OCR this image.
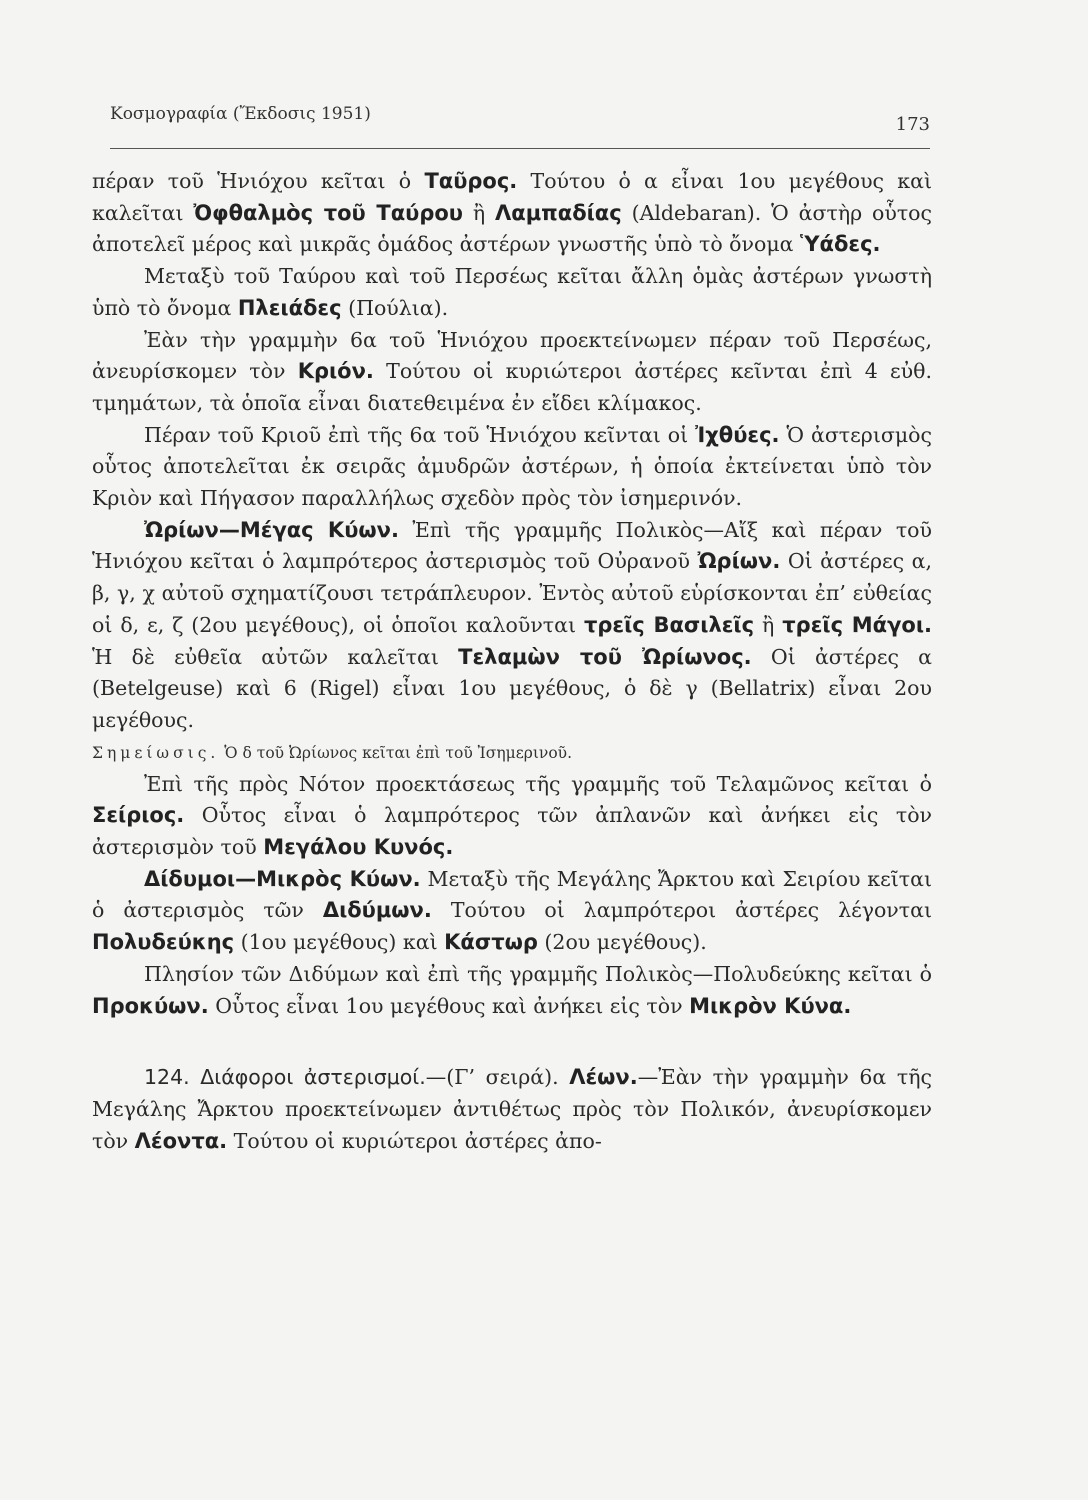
Κοσμογραφία (Ἔκδοσις 1951)	173

πέραν τοῦ Ἡνιόχου κεῖται ὁ Ταῦρος. Τούτου ὁ α εἶναι 1ου μεγέθους καὶ καλεῖται Ὀφθαλμὸς τοῦ Ταύρου ἢ Λαμπαδίας (Aldebaran). Ὁ ἀστὴρ οὗτος ἀποτελεῖ μέρος καὶ μικρᾶς ὁμάδος ἀστέρων γνωστῆς ὑπὸ τὸ ὄνομα Ὑάδες.

Μεταξὺ τοῦ Ταύρου καὶ τοῦ Περσέως κεῖται ἄλλη ὁμὰς ἀστέρων γνωστὴ ὑπὸ τὸ ὄνομα Πλειάδες (Πούλια).

Ἐὰν τὴν γραμμὴν 6α τοῦ Ἡνιόχου προεκτείνωμεν πέραν τοῦ Περσέως, ἀνευρίσκομεν τὸν Κριόν. Τούτου οἱ κυριώτεροι ἀστέρες κεῖνται ἐπὶ 4 εὐθ. τμημάτων, τὰ ὁποῖα εἶναι διατεθειμένα ἐν εἴδει κλίμακος.

Πέραν τοῦ Κριοῦ ἐπὶ τῆς 6α τοῦ Ἡνιόχου κεῖνται οἱ Ἰχθύες. Ὁ ἀστερισμὸς οὗτος ἀποτελεῖται ἐκ σειρᾶς ἀμυδρῶν ἀστέρων, ἡ ὁποία ἐκτείνεται ὑπὸ τὸν Κριὸν καὶ Πήγασον παραλλήλως σχεδὸν πρὸς τὸν ἰσημερινόν.

Ὠρίων—Μέγας Κύων. Ἐπὶ τῆς γραμμῆς Πολικὸς—Αἴξ καὶ πέραν τοῦ Ἡνιόχου κεῖται ὁ λαμπρότερος ἀστερισμὸς τοῦ Οὐρανοῦ Ὠρίων. Οἱ ἀστέρες α, β, γ, χ αὐτοῦ σχηματίζουσι τετράπλευρον. Ἐντὸς αὐτοῦ εὑρίσκονται ἐπ’ εὐθείας οἱ δ, ε, ζ (2ου μεγέθους), οἱ ὁποῖοι καλοῦνται τρεῖς Βασιλεῖς ἢ τρεῖς Μάγοι. Ἡ δὲ εὐθεῖα αὐτῶν καλεῖται Τελαμὼν τοῦ Ὠρίωνος. Οἱ ἀστέρες α (Betelgeuse) καὶ 6 (Rigel) εἶναι 1ου μεγέθους, ὁ δὲ γ (Bellatrix) εἶναι 2ου μεγέθους.

Σημείωσις. Ὁ δ τοῦ Ὠρίωνος κεῖται ἐπὶ τοῦ Ἰσημερινοῦ.

Ἐπὶ τῆς πρὸς Νότον προεκτάσεως τῆς γραμμῆς τοῦ Τελαμῶνος κεῖται ὁ Σείριος. Οὗτος εἶναι ὁ λαμπρότερος τῶν ἀπλανῶν καὶ ἀνήκει εἰς τὸν ἀστερισμὸν τοῦ Μεγάλου Κυνός.

Δίδυμοι—Μικρὸς Κύων. Μεταξὺ τῆς Μεγάλης Ἄρκτου καὶ Σειρίου κεῖται ὁ ἀστερισμὸς τῶν Διδύμων. Τούτου οἱ λαμπρότεροι ἀστέρες λέγονται Πολυδεύκης (1ου μεγέθους) καὶ Κάστωρ (2ου μεγέθους).

Πλησίον τῶν Διδύμων καὶ ἐπὶ τῆς γραμμῆς Πολικὸς—Πολυδεύκης κεῖται ὁ Προκύων. Οὗτος εἶναι 1ου μεγέθους καὶ ἀνήκει εἰς τὸν Μικρὸν Κύνα.

124. Διάφοροι ἀστερισμοί.—(Γ’ σειρά). Λέων.—Ἐὰν τὴν γραμμὴν 6α τῆς Μεγάλης Ἄρκτου προεκτείνωμεν ἀντιθέτως πρὸς τὸν Πολικόν, ἀνευρίσκομεν τὸν Λέοντα. Τούτου οἱ κυριώτεροι ἀστέρες ἀπο-
